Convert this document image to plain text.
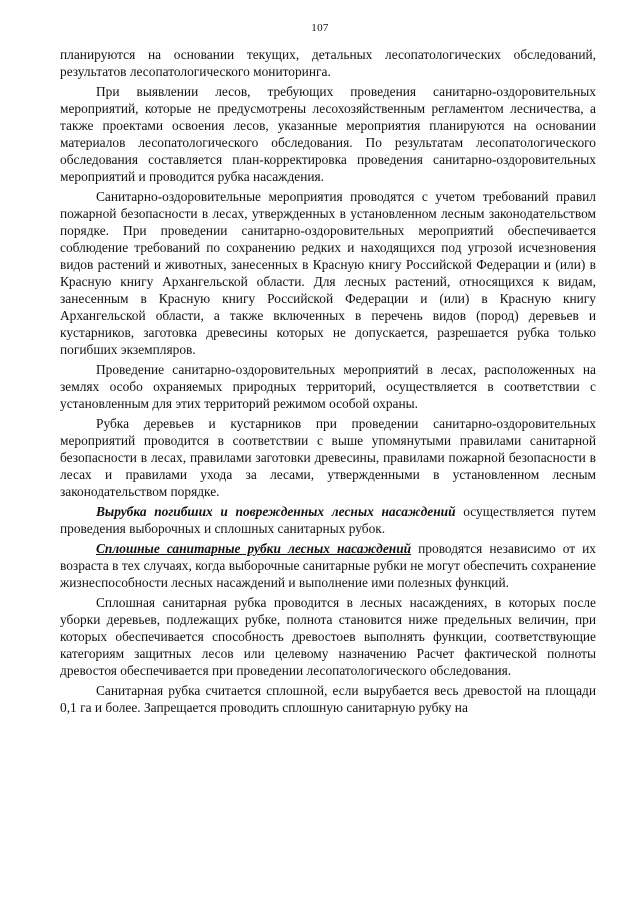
107

планируются на основании текущих, детальных лесопатологических обследований, результатов лесопатологического мониторинга.

При выявлении лесов, требующих проведения санитарно-оздоровительных мероприятий, которые не предусмотрены лесохозяйственным регламентом лесничества, а также проектами освоения лесов, указанные мероприятия планируются на основании материалов лесопатологического обследования. По результатам лесопатологического обследования составляется план-корректировка проведения санитарно-оздоровительных мероприятий и проводится рубка насаждения.

Санитарно-оздоровительные мероприятия проводятся с учетом требований правил пожарной безопасности в лесах, утвержденных в установленном лесным законодательством порядке. При проведении санитарно-оздоровительных мероприятий обеспечивается соблюдение требований по сохранению редких и находящихся под угрозой исчезновения видов растений и животных, занесенных в Красную книгу Российской Федерации и (или) в Красную книгу Архангельской области. Для лесных растений, относящихся к видам, занесенным в Красную книгу Российской Федерации и (или) в Красную книгу Архангельской области, а также включенных в перечень видов (пород) деревьев и кустарников, заготовка древесины которых не допускается, разрешается рубка только погибших экземпляров.

Проведение санитарно-оздоровительных мероприятий в лесах, расположенных на землях особо охраняемых природных территорий, осуществляется в соответствии с установленным для этих территорий режимом особой охраны.

Рубка деревьев и кустарников при проведении санитарно-оздоровительных мероприятий проводится в соответствии с выше упомянутыми правилами санитарной безопасности в лесах, правилами заготовки древесины, правилами пожарной безопасности в лесах и правилами ухода за лесами, утвержденными в установленном лесным законодательством порядке.

Вырубка погибших и поврежденных лесных насаждений осуществляется путем проведения выборочных и сплошных санитарных рубок.

Сплошные санитарные рубки лесных насаждений проводятся независимо от их возраста в тех случаях, когда выборочные санитарные рубки не могут обеспечить сохранение жизнеспособности лесных насаждений и выполнение ими полезных функций.

Сплошная санитарная рубка проводится в лесных насаждениях, в которых после уборки деревьев, подлежащих рубке, полнота становится ниже предельных величин, при которых обеспечивается способность древостоев выполнять функции, соответствующие категориям защитных лесов или целевому назначению Расчет фактической полноты древостоя обеспечивается при проведении лесопатологического обследования.

Санитарная рубка считается сплошной, если вырубается весь древостой на площади 0,1 га и более. Запрещается проводить сплошную санитарную рубку на
